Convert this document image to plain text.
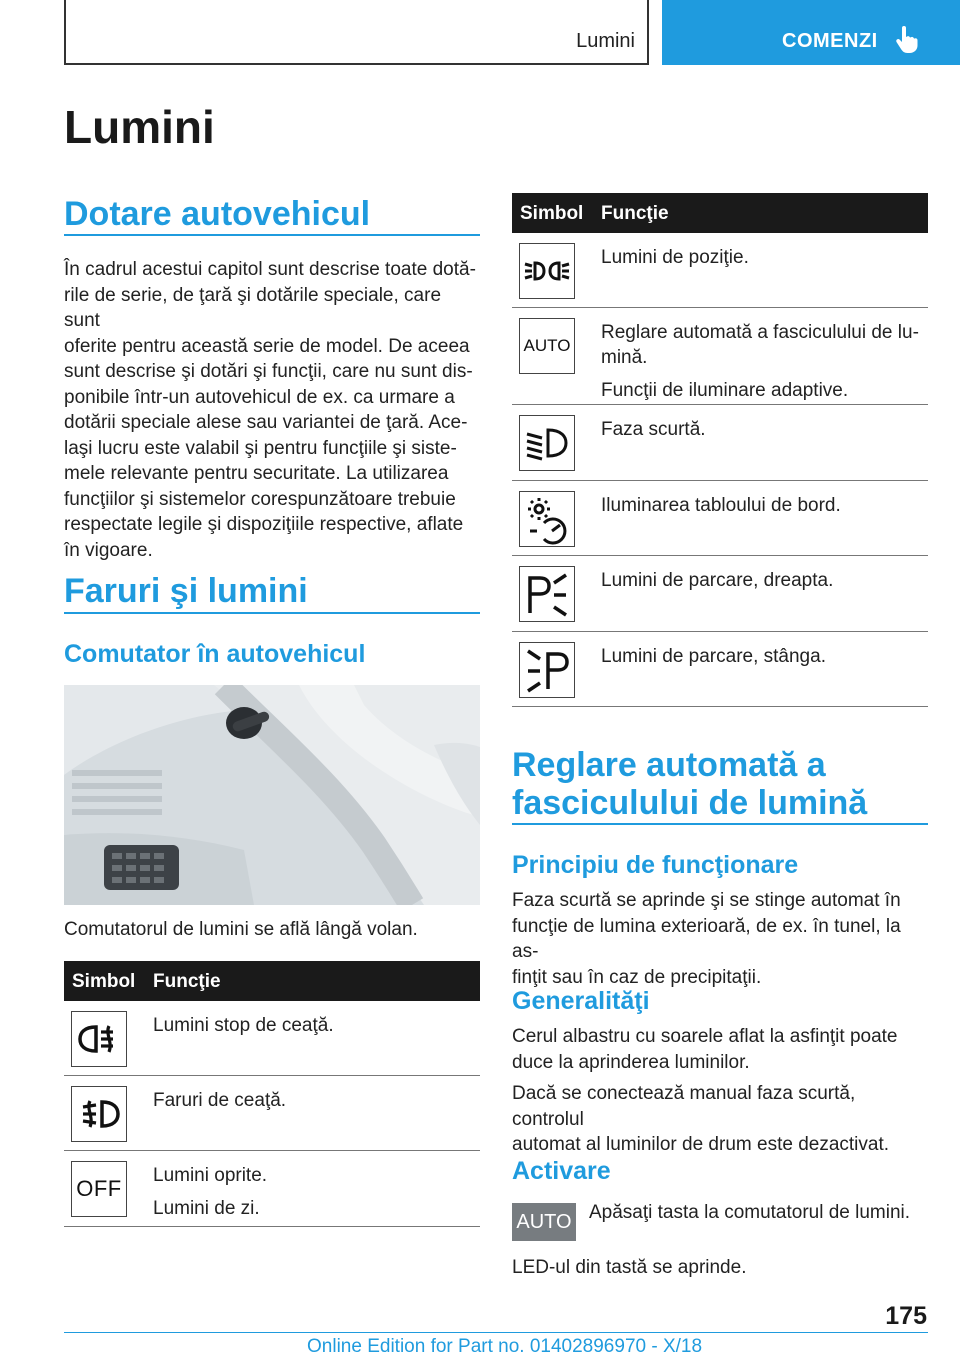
Lumini	COMENZI
Lumini
Dotare autovehicul
În cadrul acestui capitol sunt descrise toate dotă-
rile de serie, de ţară şi dotările speciale, care sunt
oferite pentru această serie de model. De aceea
sunt descrise şi dotări şi funcţii, care nu sunt dis-
ponibile într-un autovehicul de ex. ca urmare a
dotării speciale alese sau variantei de ţară. Ace-
laşi lucru este valabil şi pentru funcţiile şi siste-
mele relevante pentru securitate. La utilizarea
funcţiilor şi sistemelor corespunzătoare trebuie
respectate legile şi dispoziţiile respective, aflate
în vigoare.
Faruri şi lumini
Comutator în autovehicul
Comutatorul de lumini se află lângă volan.
Simbol Funcţie
Lumini stop de ceaţă.
Faruri de ceaţă.
OFF
Lumini oprite.
Lumini de zi.
Simbol Funcţie
Lumini de poziţie.
AUTO
Reglare automată a fasciculului de lu-
mină.
Funcţii de iluminare adaptive.
Faza scurtă.
Iluminarea tabloului de bord.
Lumini de parcare, dreapta.
Lumini de parcare, stânga.
Reglare automată a
fasciculului de lumină
Principiu de funcţionare
Faza scurtă se aprinde şi se stinge automat în
funcţie de lumina exterioară, de ex. în tunel, la as-
finţit sau în caz de precipitaţii.
Generalităţi
Cerul albastru cu soarele aflat la asfinţit poate
duce la aprinderea luminilor.
Dacă se conectează manual faza scurtă, controlul
automat al luminilor de drum este dezactivat.
Activare
AUTO Apăsaţi tasta la comutatorul de lumini.
LED-ul din tastă se aprinde.
175
Online Edition for Part no. 01402896970 - X/18
